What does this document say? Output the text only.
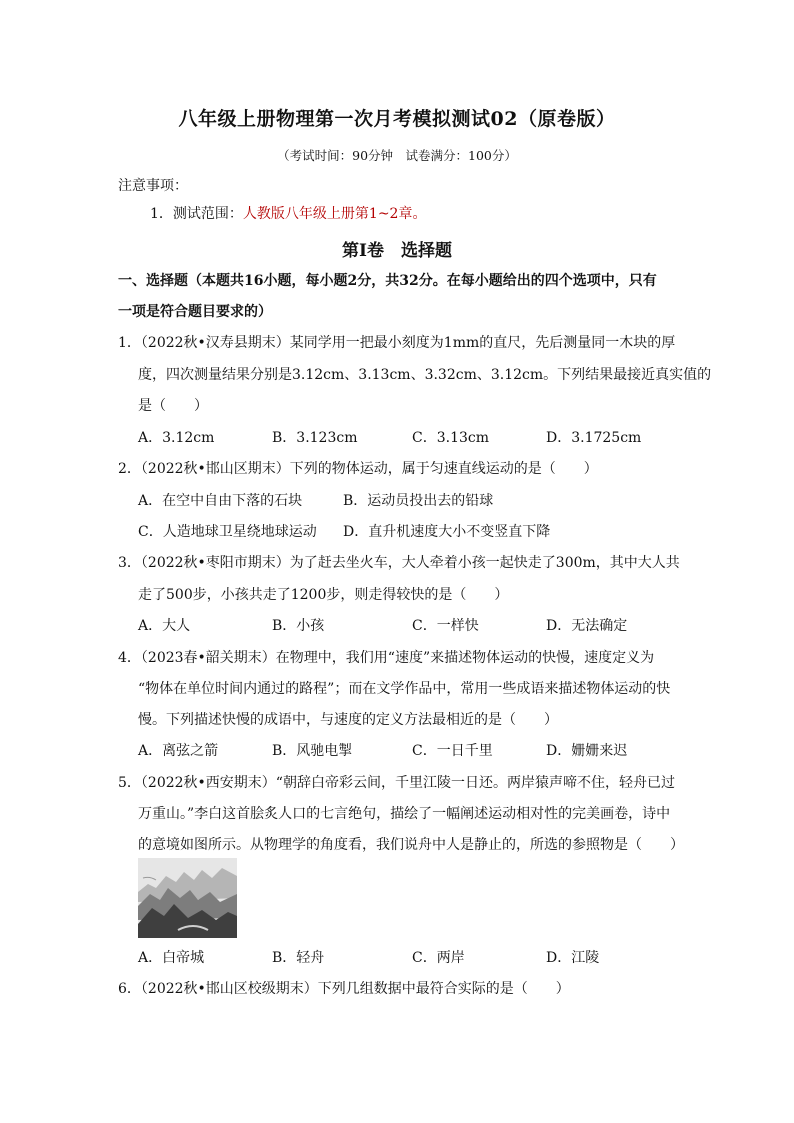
八年级上册物理第一次月考模拟测试02（原卷版）
（考试时间：90分钟　试卷满分：100分）
注意事项：
1．测试范围：人教版八年级上册第1~2章。
第Ⅰ卷　选择题
一、选择题（本题共16小题，每小题2分，共32分。在每小题给出的四个选项中，只有
一项是符合题目要求的）
1．（2022秋•汉寿县期末）某同学用一把最小刻度为1mm的直尺，先后测量同一木块的厚
度，四次测量结果分别是3.12cm、3.13cm、3.32cm、3.12cm。下列结果最接近真实值的
是（　　）
A．3.12cm	B．3.123cm	C．3.13cm	D．3.1725cm
2．（2022秋•邯山区期末）下列的物体运动，属于匀速直线运动的是（　　）
A．在空中自由下落的石块	B．运动员投出去的铅球
C．人造地球卫星绕地球运动 D．直升机速度大小不变竖直下降
3．（2022秋•枣阳市期末）为了赶去坐火车，大人牵着小孩一起快走了300m，其中大人共
走了500步，小孩共走了1200步，则走得较快的是（　　）
A．大人	B．小孩	C．一样快	D．无法确定
4．（2023春•韶关期末）在物理中，我们用“速度”来描述物体运动的快慢，速度定义为
“物体在单位时间内通过的路程”；而在文学作品中，常用一些成语来描述物体运动的快
慢。下列描述快慢的成语中，与速度的定义方法最相近的是（　　）
A．离弦之箭	B．风驰电掣	C．一日千里	D．姗姗来迟
5．（2022秋•西安期末）“朝辞白帝彩云间，千里江陵一日还。两岸猿声啼不住，轻舟已过
万重山。”李白这首脍炙人口的七言绝句，描绘了一幅阐述运动相对性的完美画卷，诗中
的意境如图所示。从物理学的角度看，我们说舟中人是静止的，所选的参照物是（　　）
A．白帝城	B．轻舟	C．两岸	D．江陵
6．（2022秋•邯山区校级期末）下列几组数据中最符合实际的是（　　）
